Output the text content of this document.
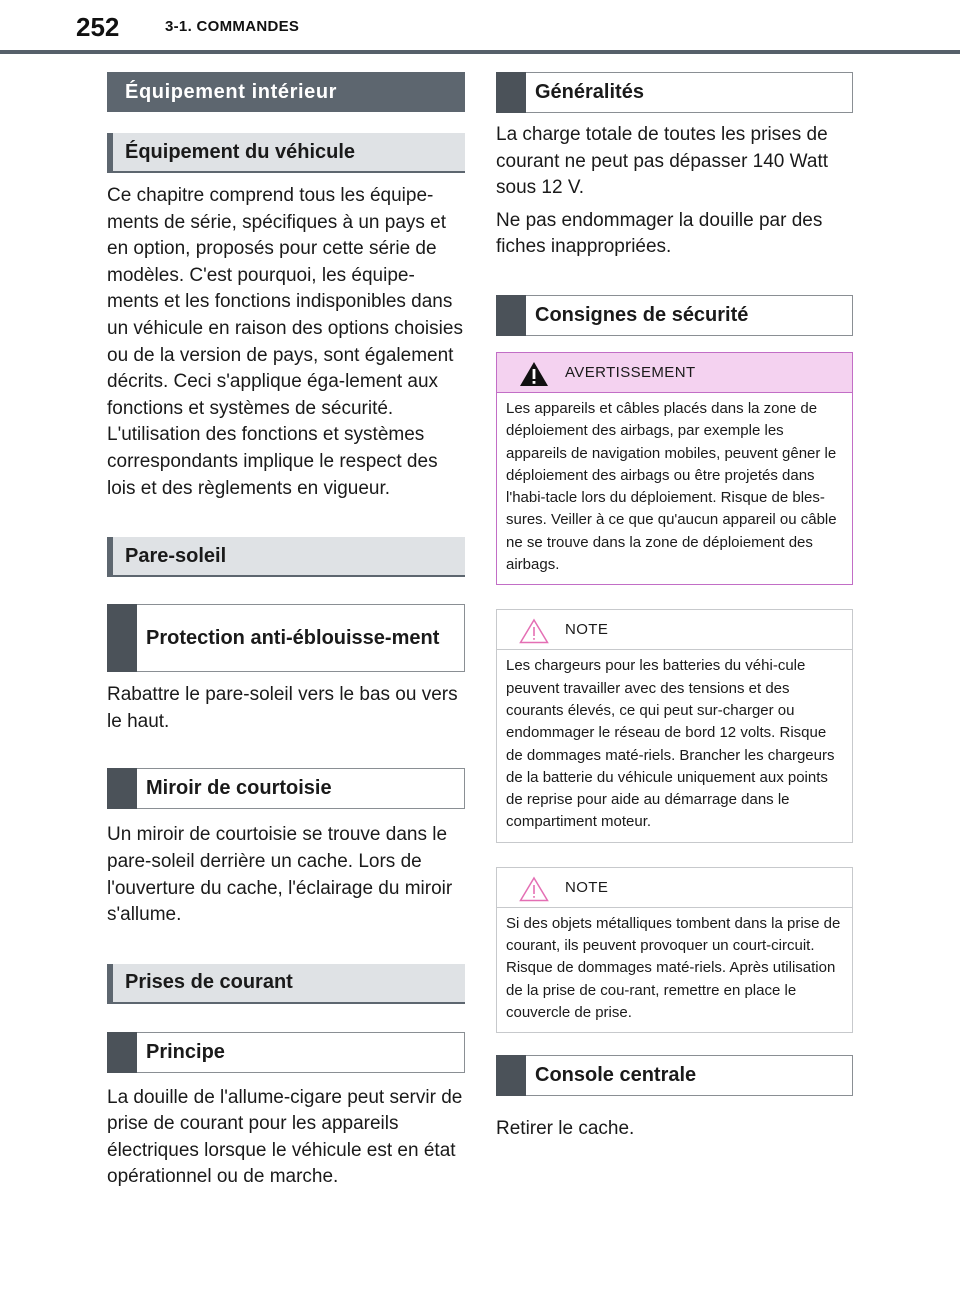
252	3-1. COMMANDES
Équipement intérieur
Équipement du véhicule

Ce chapitre comprend tous les équipe-ments de série, spécifiques à un pays et en option, proposés pour cette série de modèles. C'est pourquoi, les équipe-ments et les fonctions indisponibles dans un véhicule en raison des options choisies ou de la version de pays, sont également décrits. Ceci s'applique éga-lement aux fonctions et systèmes de sécurité. L'utilisation des fonctions et systèmes correspondants implique le respect des lois et des règlements en vigueur.

Pare-soleil
Protection anti-éblouisse-ment

Rabattre le pare-soleil vers le bas ou vers le haut.

Miroir de courtoisie

Un miroir de courtoisie se trouve dans le pare-soleil derrière un cache. Lors de l'ouverture du cache, l'éclairage du miroir s'allume.

Prises de courant
Principe

La douille de l'allume-cigare peut servir de prise de courant pour les appareils électriques lorsque le véhicule est en état opérationnel ou de marche.

Généralités

La charge totale de toutes les prises de courant ne peut pas dépasser 140 Watt sous 12 V.

Ne pas endommager la douille par des fiches inappropriées.

Consignes de sécurité
AVERTISSEMENT
Les appareils et câbles placés dans la zone de déploiement des airbags, par exemple les appareils de navigation mobiles, peuvent gêner le déploiement des airbags ou être projetés dans l'habi-tacle lors du déploiement. Risque de bles-sures. Veiller à ce que qu'aucun appareil ou câble ne se trouve dans la zone de déploiement des airbags.
NOTE
Les chargeurs pour les batteries du véhi-cule peuvent travailler avec des tensions et des courants élevés, ce qui peut sur-charger ou endommager le réseau de bord 12 volts. Risque de dommages maté-riels. Brancher les chargeurs de la batterie du véhicule uniquement aux points de reprise pour aide au démarrage dans le compartiment moteur.
NOTE
Si des objets métalliques tombent dans la prise de courant, ils peuvent provoquer un court-circuit. Risque de dommages maté-riels. Après utilisation de la prise de cou-rant, remettre en place le couvercle de prise.
Console centrale

Retirer le cache.
